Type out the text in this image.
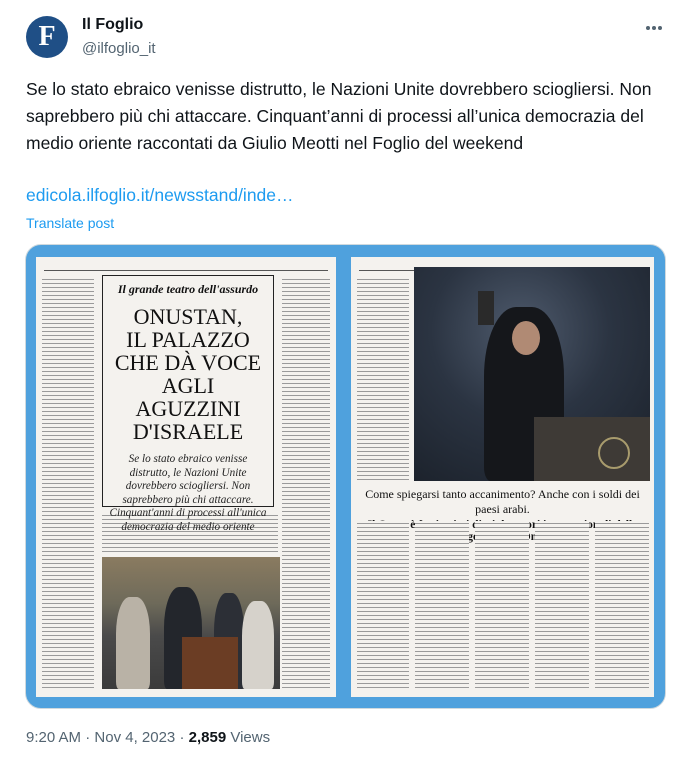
F Il Foglio
@ilfoglio_it
Se lo stato ebraico venisse distrutto, le Nazioni Unite dovrebbero sciogliersi. Non saprebbero più chi attaccare. Cinquant’anni di processi all’unica democrazia del medio oriente raccontati da Giulio Meotti nel Foglio del weekend
edicola.ilfoglio.it/newsstand/inde…
Translate post
Il grande teatro dell'assurdo
ONUSTAN,
IL PALAZZO
CHE DÀ VOCE
AGLI AGUZZINI
D'ISRAELE
Se lo stato ebraico venisse distrutto, le Nazioni Unite dovrebbero sciogliersi. Non saprebbero più chi attaccare. Cinquant'anni di processi all'unica democrazia del medio oriente
Come spiegarsi tanto accanimento? Anche con i soldi dei paesi arabi.
è
9:20 AM · Nov 4, 2023 · 2,859 Views
